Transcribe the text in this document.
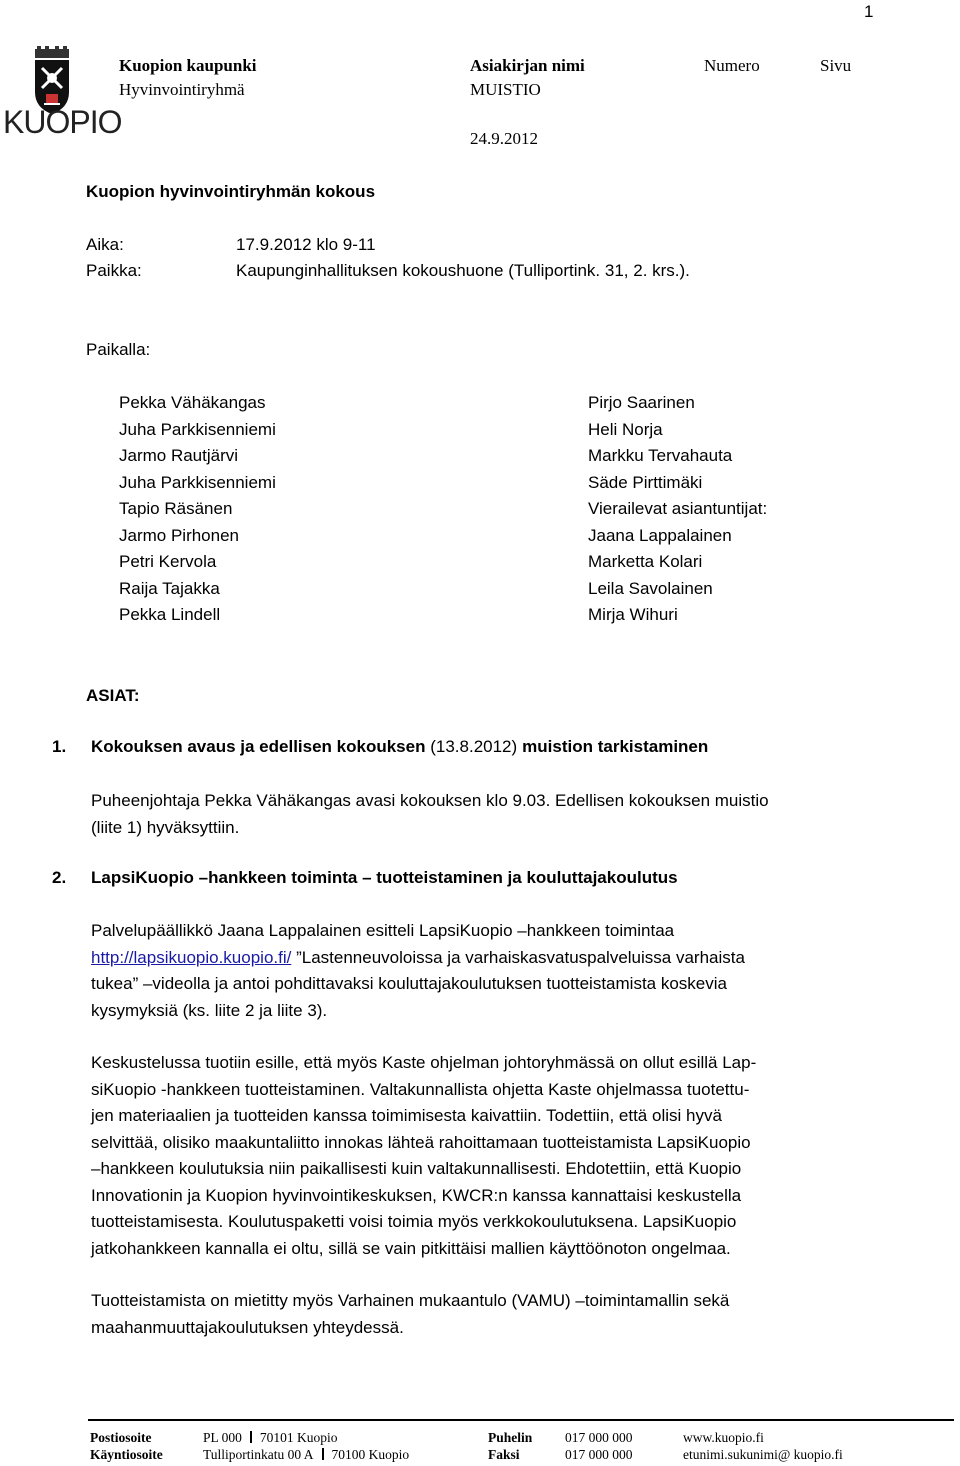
1
KUOPIO
Kuopion kaupunki
Hyvinvointiryhmä
Asiakirjan nimi
MUISTIO
Numero	Sivu
24.9.2012
Kuopion hyvinvointiryhmän kokous
Aika:	17.9.2012 klo 9-11
Paikka:	Kaupunginhallituksen kokoushuone (Tulliportink. 31, 2. krs.).
Paikalla:
Pekka Vähäkangas
Juha Parkkisenniemi
Jarmo Rautjärvi
Juha Parkkisenniemi
Tapio Räsänen
Jarmo Pirhonen
Petri Kervola
Raija Tajakka
Pekka Lindell
Pirjo Saarinen
Heli Norja
Markku Tervahauta
Säde Pirttimäki
Vierailevat asiantuntijat:
Jaana Lappalainen
Marketta Kolari
Leila Savolainen
Mirja Wihuri
ASIAT:
1. Kokouksen avaus ja edellisen kokouksen (13.8.2012) muistion tarkistaminen
Puheenjohtaja Pekka Vähäkangas avasi kokouksen klo 9.03. Edellisen kokouksen muistio
(liite 1) hyväksyttiin.
2. LapsiKuopio –hankkeen toiminta – tuotteistaminen ja kouluttajakoulutus
Palvelupäällikkö Jaana Lappalainen esitteli LapsiKuopio –hankkeen toimintaa
http://lapsikuopio.kuopio.fi/ ”Lastenneuvoloissa ja varhaiskasvatuspalveluissa varhaista
tukea” –videolla ja antoi pohdittavaksi kouluttajakoulutuksen tuotteistamista koskevia
kysymyksiä (ks. liite 2 ja liite 3).
Keskustelussa tuotiin esille, että myös Kaste ohjelman johtoryhmässä on ollut esillä Lap-
siKuopio -hankkeen tuotteistaminen. Valtakunnallista ohjetta Kaste ohjelmassa tuotettu-
jen materiaalien ja tuotteiden kanssa toimimisesta kaivattiin. Todettiin, että olisi hyvä
selvittää, olisiko maakuntaliitto innokas lähteä rahoittamaan tuotteistamista LapsiKuopio
–hankkeen koulutuksia niin paikallisesti kuin valtakunnallisesti. Ehdotettiin, että Kuopio
Innovationin ja Kuopion hyvinvointikeskuksen, KWCR:n kanssa kannattaisi keskustella
tuotteistamisesta. Koulutuspaketti voisi toimia myös verkkokoulutuksena. LapsiKuopio
jatkohankkeen kannalla ei oltu, sillä se vain pitkittäisi mallien käyttöönoton ongelmaa.
Tuotteistamista on mietitty myös Varhainen mukaantulo (VAMU) –toimintamallin sekä
maahanmuuttajakoulutuksen yhteydessä.
Postiosoite	PL 000 70101 Kuopio	Puhelin 017 000 000	www.kuopio.fi
Käyntiosoite	Tulliportinkatu 00 A 70100 Kuopio	Faksi	017 000 000	etunimi.sukunimi@ kuopio.fi
